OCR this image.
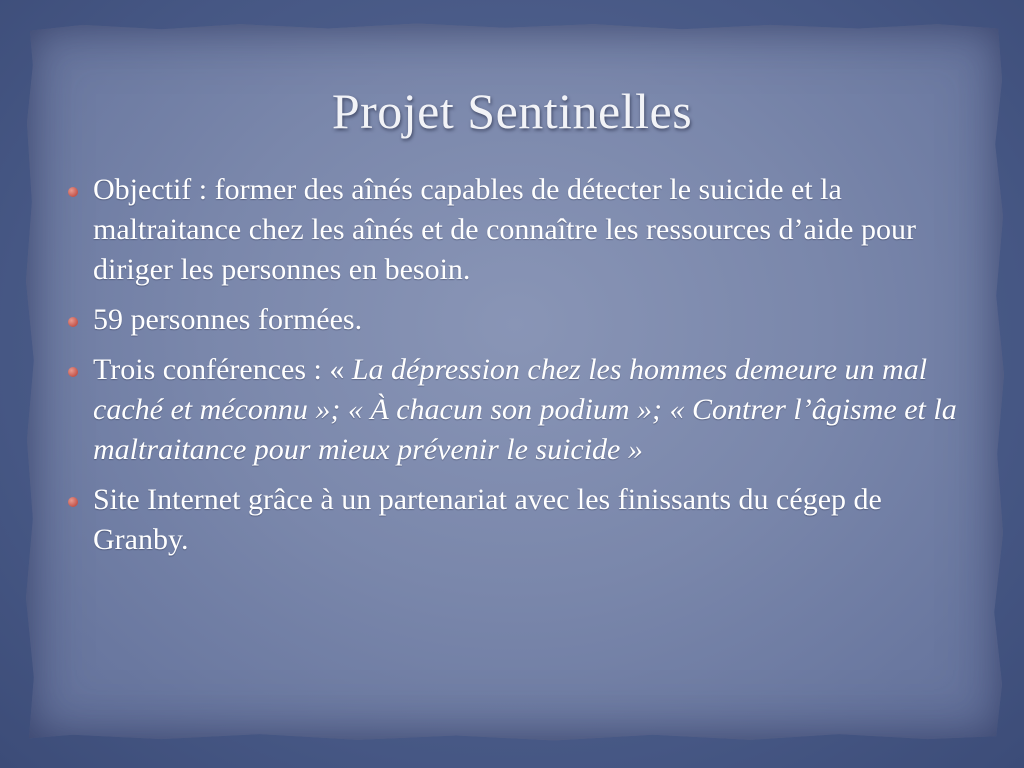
Projet Sentinelles
Objectif : former des aînés capables de détecter le suicide et la maltraitance chez les aînés et de connaître les ressources d’aide pour diriger les personnes en besoin.
59 personnes formées.
Trois conférences : « La dépression chez les hommes demeure un mal caché et méconnu »; « À chacun son podium »; « Contrer l’âgisme et la maltraitance pour mieux prévenir le suicide »
Site Internet grâce à un partenariat avec les finissants du cégep de Granby.
